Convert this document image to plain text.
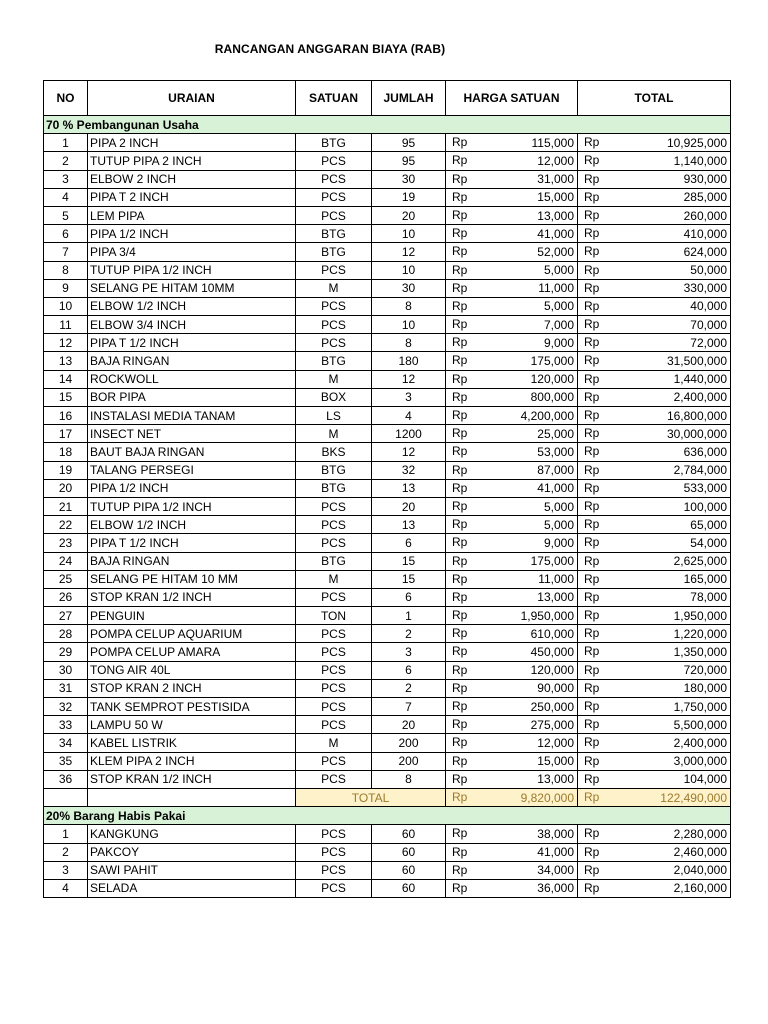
RANCANGAN ANGGARAN BIAYA (RAB)
NO	URAIAN	SATUAN	JUMLAH	HARGA SATUAN	TOTAL
70 % Pembangunan Usaha					
1	PIPA 2 INCH	BTG	95	Rp 115,000	Rp 10,925,000

2	TUTUP PIPA 2 INCH	PCS	95	Rp 12,000	Rp 1,140,000

3	ELBOW 2 INCH	PCS	30	Rp 31,000	Rp 930,000

4	PIPA T 2 INCH	PCS	19	Rp 15,000	Rp 285,000

5	LEM PIPA	PCS	20	Rp 13,000	Rp 260,000

6	PIPA 1/2 INCH	BTG	10	Rp 41,000	Rp 410,000

7	PIPA 3/4	BTG	12	Rp 52,000	Rp 624,000

8	TUTUP PIPA 1/2 INCH	PCS	10	Rp 5,000	Rp 50,000

9	SELANG PE HITAM 10MM	M	30	Rp 11,000	Rp 330,000

10	ELBOW 1/2 INCH	PCS	8	Rp 5,000	Rp 40,000

11	ELBOW 3/4 INCH	PCS	10	Rp 7,000	Rp 70,000

12	PIPA T 1/2 INCH	PCS	8	Rp 9,000	Rp 72,000

13	BAJA RINGAN	BTG	180	Rp 175,000	Rp 31,500,000

14	ROCKWOLL	M	12	Rp 120,000	Rp 1,440,000

15	BOR PIPA	BOX	3	Rp 800,000	Rp 2,400,000

16	INSTALASI MEDIA TANAM	LS	4	Rp 4,200,000	Rp 16,800,000

17	INSECT NET	M	1200	Rp 25,000	Rp 30,000,000

18	BAUT BAJA RINGAN	BKS	12	Rp 53,000	Rp 636,000

19	TALANG PERSEGI	BTG	32	Rp 87,000	Rp 2,784,000

20	PIPA 1/2 INCH	BTG	13	Rp 41,000	Rp 533,000

21	TUTUP PIPA 1/2 INCH	PCS	20	Rp 5,000	Rp 100,000

22	ELBOW 1/2 INCH	PCS	13	Rp 5,000	Rp 65,000

23	PIPA T 1/2 INCH	PCS	6	Rp 9,000	Rp 54,000

24	BAJA RINGAN	BTG	15	Rp 175,000	Rp 2,625,000

25	SELANG PE HITAM 10 MM	M	15	Rp 11,000	Rp 165,000

26	STOP KRAN 1/2 INCH	PCS	6	Rp 13,000	Rp 78,000

27	PENGUIN	TON	1	Rp 1,950,000	Rp 1,950,000

28	POMPA CELUP AQUARIUM	PCS	2	Rp 610,000	Rp 1,220,000

29	POMPA CELUP AMARA	PCS	3	Rp 450,000	Rp 1,350,000

30	TONG AIR 40L	PCS	6	Rp 120,000	Rp 720,000

31	STOP KRAN 2 INCH	PCS	2	Rp 90,000	Rp 180,000

32	TANK SEMPROT PESTISIDA	PCS	7	Rp 250,000	Rp 1,750,000

33	LAMPU 50 W	PCS	20	Rp 275,000	Rp 5,500,000

34	KABEL LISTRIK	M	200	Rp 12,000	Rp 2,400,000

35	KLEM PIPA 2 INCH	PCS	200	Rp 15,000	Rp 3,000,000

36	STOP KRAN 1/2 INCH	PCS	8	Rp 13,000	Rp 104,000

		TOTAL		Rp 9,820,000	Rp 122,490,000

20% Barang Habis Pakai					
1	KANGKUNG	PCS	60	Rp 38,000	Rp 2,280,000

2	PAKCOY	PCS	60	Rp 41,000	Rp 2,460,000

3	SAWI PAHIT	PCS	60	Rp 34,000	Rp 2,040,000

4	SELADA	PCS	60	Rp 36,000	Rp 2,160,000
